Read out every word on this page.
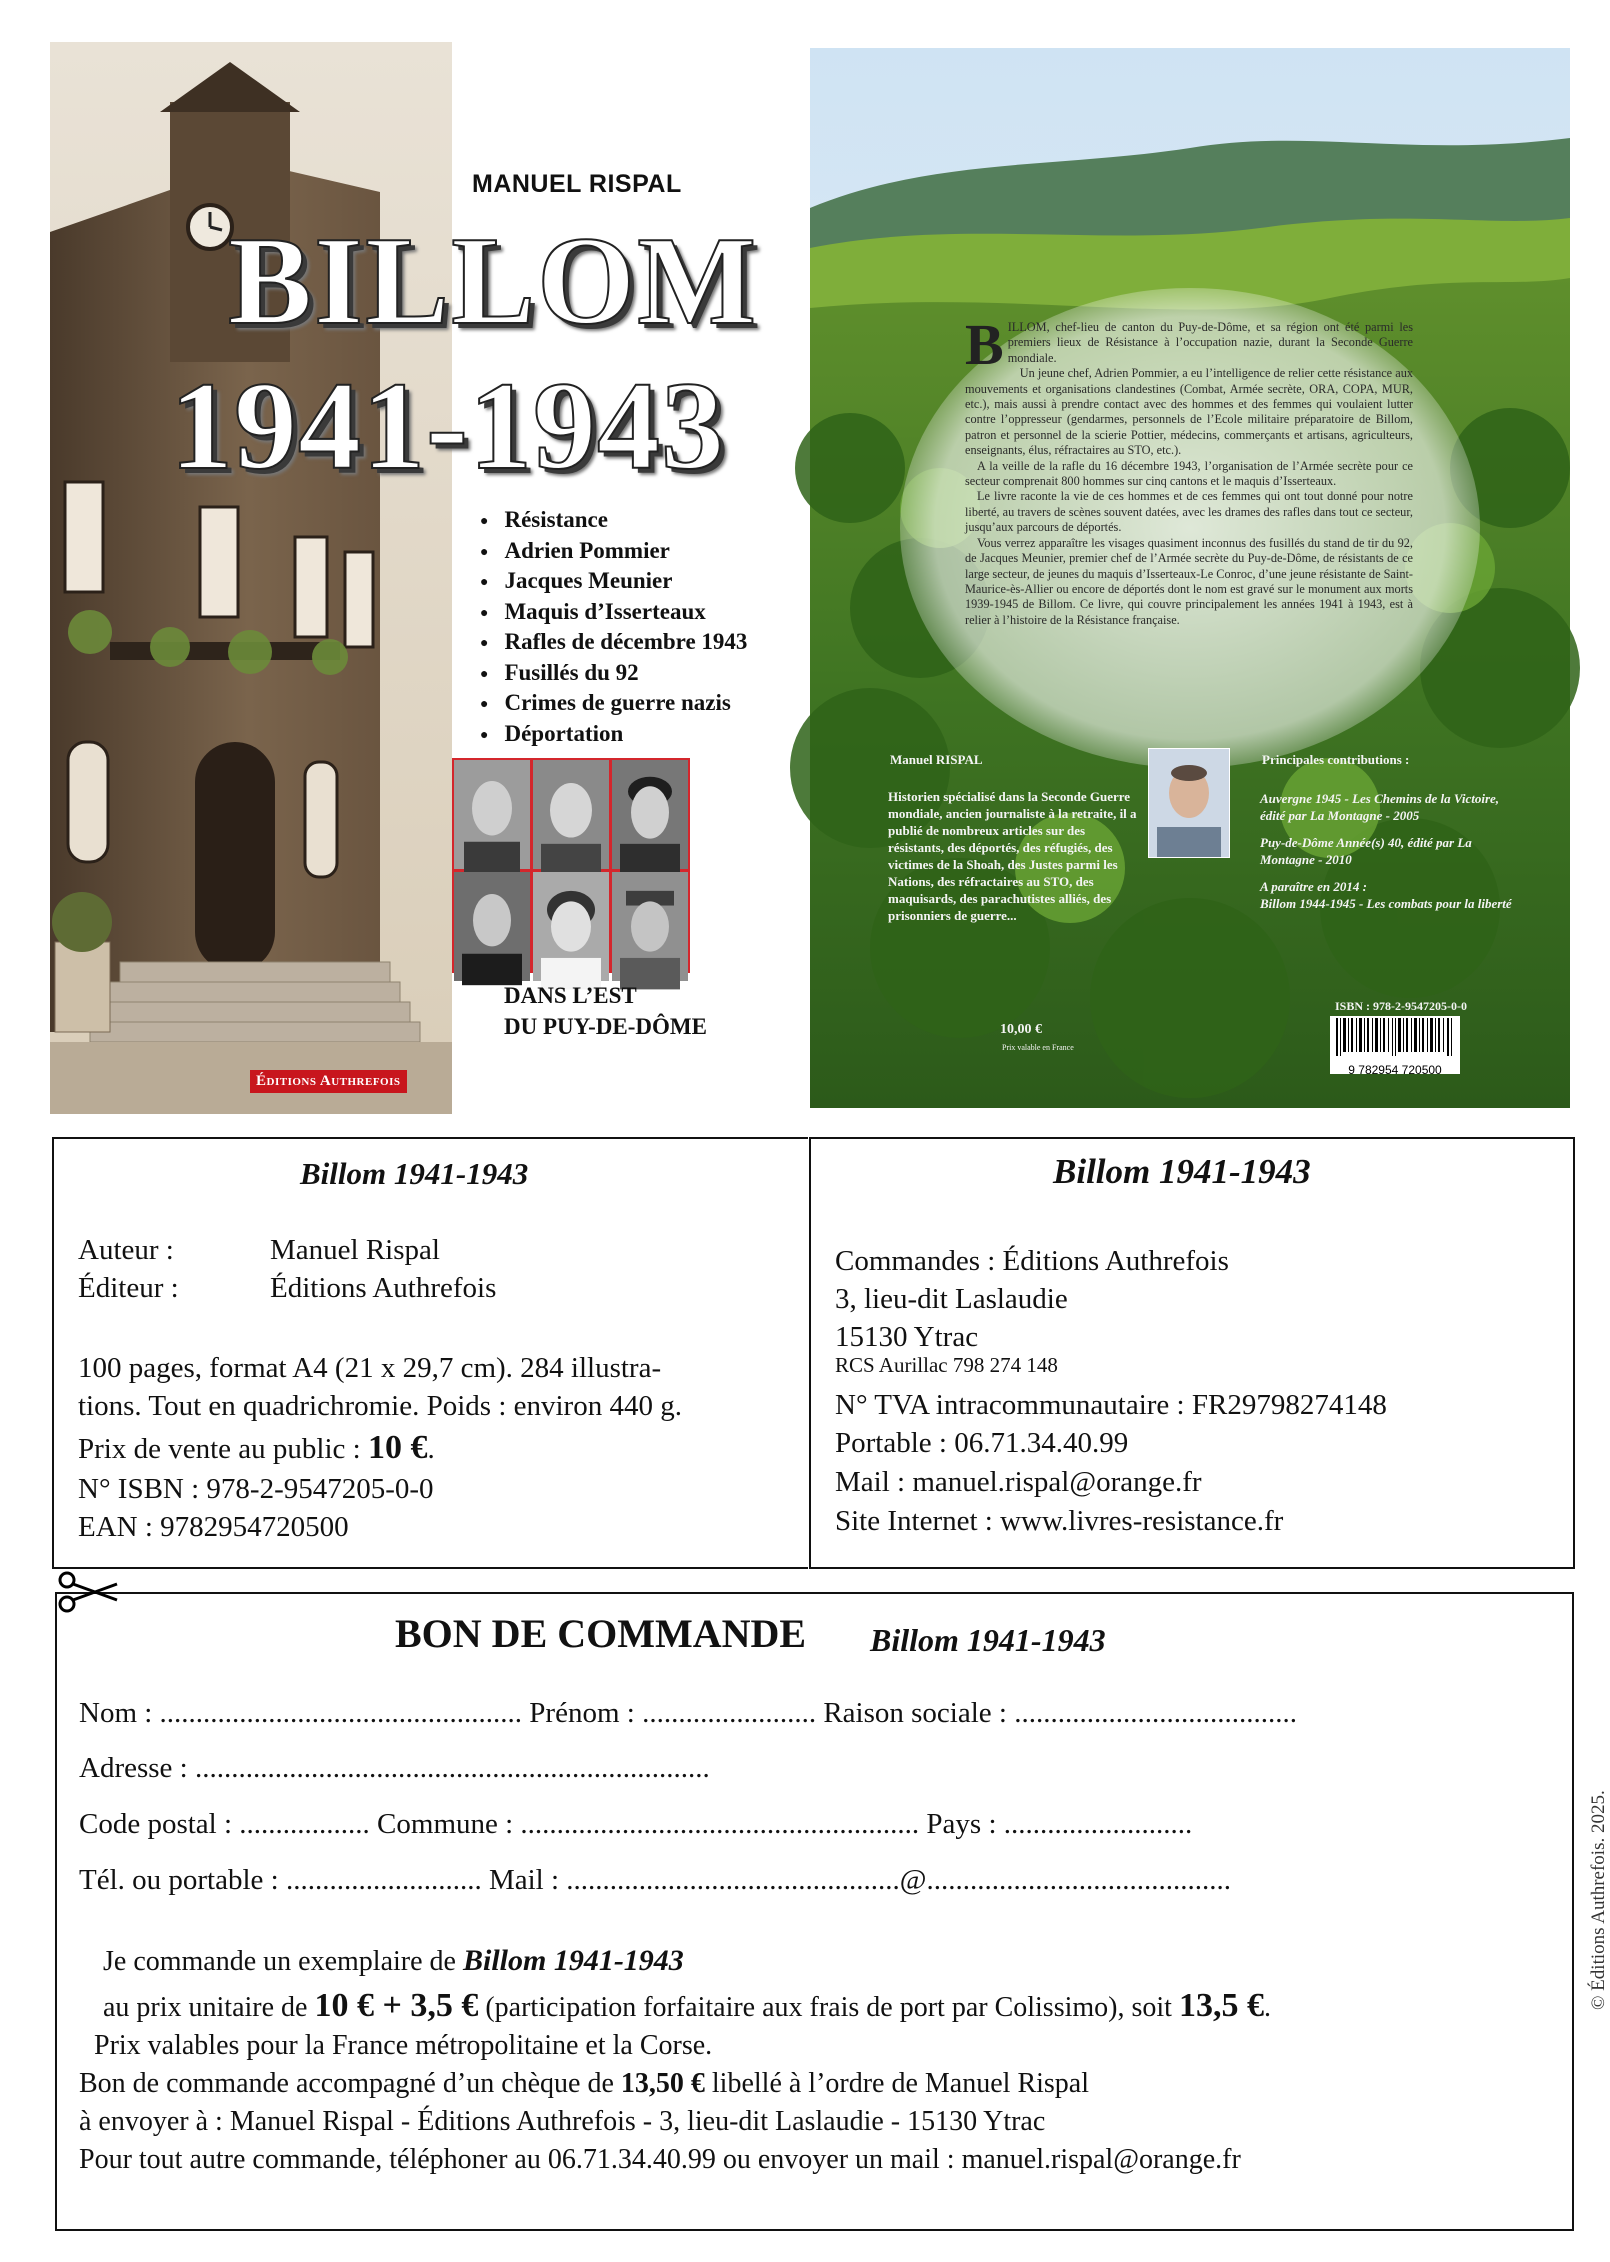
Éditions Authrefois
MANUEL RISPAL
BILLOM
1941-1943
● Résistance
● Adrien Pommier
● Jacques Meunier
● Maquis d’Isserteaux
● Rafles de décembre 1943
● Fusillés du 92
● Crimes de guerre nazis
● Déportation
DANS L’EST
DU PUY-DE-DÔME
B ILLOM, chef-lieu de canton du Puy-de-Dôme, et sa région ont été parmi les premiers lieux de Résistance à l’occupation nazie, durant la Seconde Guerre mondiale.

Un jeune chef, Adrien Pommier, a eu l’intelligence de relier cette résistance aux mouvements et organisations clandestines (Combat, Armée secrète, ORA, COPA, MUR, etc.), mais aussi à prendre contact avec des hommes et des femmes qui voulaient lutter contre l’oppresseur (gendarmes, personnels de l’Ecole militaire préparatoire de Billom, patron et personnel de la scierie Pottier, médecins, commerçants et artisans, agriculteurs, enseignants, élus, réfractaires au STO, etc.).

A la veille de la rafle du 16 décembre 1943, l’organisation de l’Armée secrète pour ce secteur comprenait 800 hommes sur cinq cantons et le maquis d’Isserteaux.

Le livre raconte la vie de ces hommes et de ces femmes qui ont tout donné pour notre liberté, au travers de scènes souvent datées, avec les drames des rafles dans tout ce secteur, jusqu’aux parcours de déportés.

Vous verrez apparaître les visages quasiment inconnus des fusillés du stand de tir du 92, de Jacques Meunier, premier chef de l’Armée secrète du Puy-de-Dôme, de résistants de ce large secteur, de jeunes du maquis d’Isserteaux-Le Conroc, d’une jeune résistante de Saint-Maurice-ès-Allier ou encore de déportés dont le nom est gravé sur le monument aux morts 1939-1945 de Billom. Ce livre, qui couvre principalement les années 1941 à 1943, est à relier à l’histoire de la Résistance française.

Manuel RISPAL
Historien spécialisé dans la Seconde Guerre mondiale, ancien journaliste à la retraite, il a publié de nombreux articles sur des résistants, des déportés, des réfugiés, des victimes de la Shoah, des Justes parmi les Nations, des réfractaires au STO, des maquisards, des parachutistes alliés, des prisonniers de guerre...
Principales contributions :
Auvergne 1945 - Les Chemins de la Victoire, édité par La Montagne - 2005
Puy-de-Dôme Année(s) 40, édité par La Montagne - 2010
A paraître en 2014 :
Billom 1944-1945 - Les combats pour la liberté
10,00 €
Prix valable en France
ISBN : 978-2-9547205-0-0
9 782954 720500
Billom 1941-1943
Auteur :	Manuel Rispal
Éditeur :	Éditions Authrefois
100 pages, format A4 (21 x 29,7 cm). 284 illustra-
tions. Tout en quadrichromie. Poids : environ 440 g.
Prix de vente au public : 10 €.
N° ISBN : 978-2-9547205-0-0
EAN : 9782954720500
Billom 1941-1943
Commandes : Éditions Authrefois
3, lieu-dit Laslaudie
15130 Ytrac
RCS Aurillac 798 274 148
N° TVA intracommunautaire : FR29798274148
Portable : 06.71.34.40.99
Mail : manuel.rispal@orange.fr
Site Internet : www.livres-resistance.fr
BON DE COMMANDE Billom 1941-1943
Nom : .................................................. Prénom : ........................ Raison sociale : .......................................
Adresse : .......................................................................
Code postal : .................. Commune : ....................................................... Pays : ..........................
Tél. ou portable : ........................... Mail : ..............................................@..........................................
Je commande un exemplaire de Billom 1941-1943
au prix unitaire de 10 € + 3,5 € (participation forfaitaire aux frais de port par Colissimo), soit 13,5 €.
Prix valables pour la France métropolitaine et la Corse.
Bon de commande accompagné d’un chèque de 13,50 € libellé à l’ordre de Manuel Rispal
à envoyer à : Manuel Rispal - Éditions Authrefois - 3, lieu-dit Laslaudie - 15130 Ytrac
Pour tout autre commande, téléphoner au 06.71.34.40.99 ou envoyer un mail : manuel.rispal@orange.fr
© Éditions Authrefois. 2025.
